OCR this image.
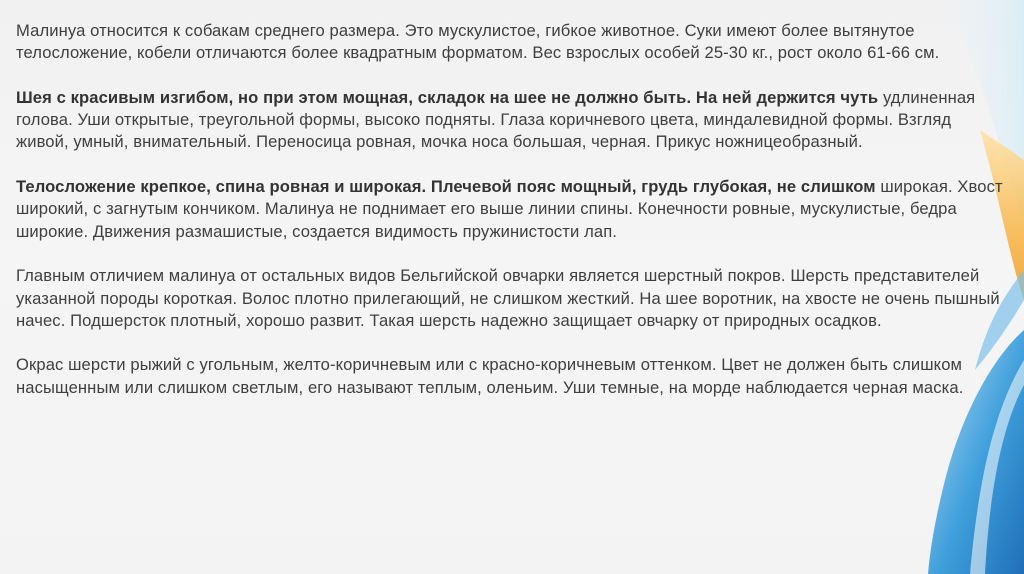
Малинуа относится к собакам среднего размера. Это мускулистое, гибкое животное. Суки имеют более вытянутое телосложение, кобели отличаются более квадратным форматом. Вес взрослых особей 25-30 кг., рост около 61-66 см.

Шея с красивым изгибом, но при этом мощная, складок на шее не должно быть. На ней держится чуть удлиненная голова. Уши открытые, треугольной формы, высоко подняты. Глаза коричневого цвета, миндалевидной формы. Взгляд живой, умный, внимательный. Переносица ровная, мочка носа большая, черная. Прикус ножницеобразный.

Телосложение крепкое, спина ровная и широкая. Плечевой пояс мощный, грудь глубокая, не слишком широкая. Хвост широкий, с загнутым кончиком. Малинуа не поднимает его выше линии спины. Конечности ровные, мускулистые, бедра широкие. Движения размашистые, создается видимость пружинистости лап.

Главным отличием малинуа от остальных видов Бельгийской овчарки является шерстный покров. Шерсть представителей указанной породы короткая. Волос плотно прилегающий, не слишком жесткий. На шее воротник, на хвосте не очень пышный начес. Подшерсток плотный, хорошо развит. Такая шерсть надежно защищает овчарку от природных осадков.

Окрас шерсти рыжий с угольным, желто-коричневым или с красно-коричневым оттенком. Цвет не должен быть слишком насыщенным или слишком светлым, его называют теплым, оленьим. Уши темные, на морде наблюдается черная маска.
